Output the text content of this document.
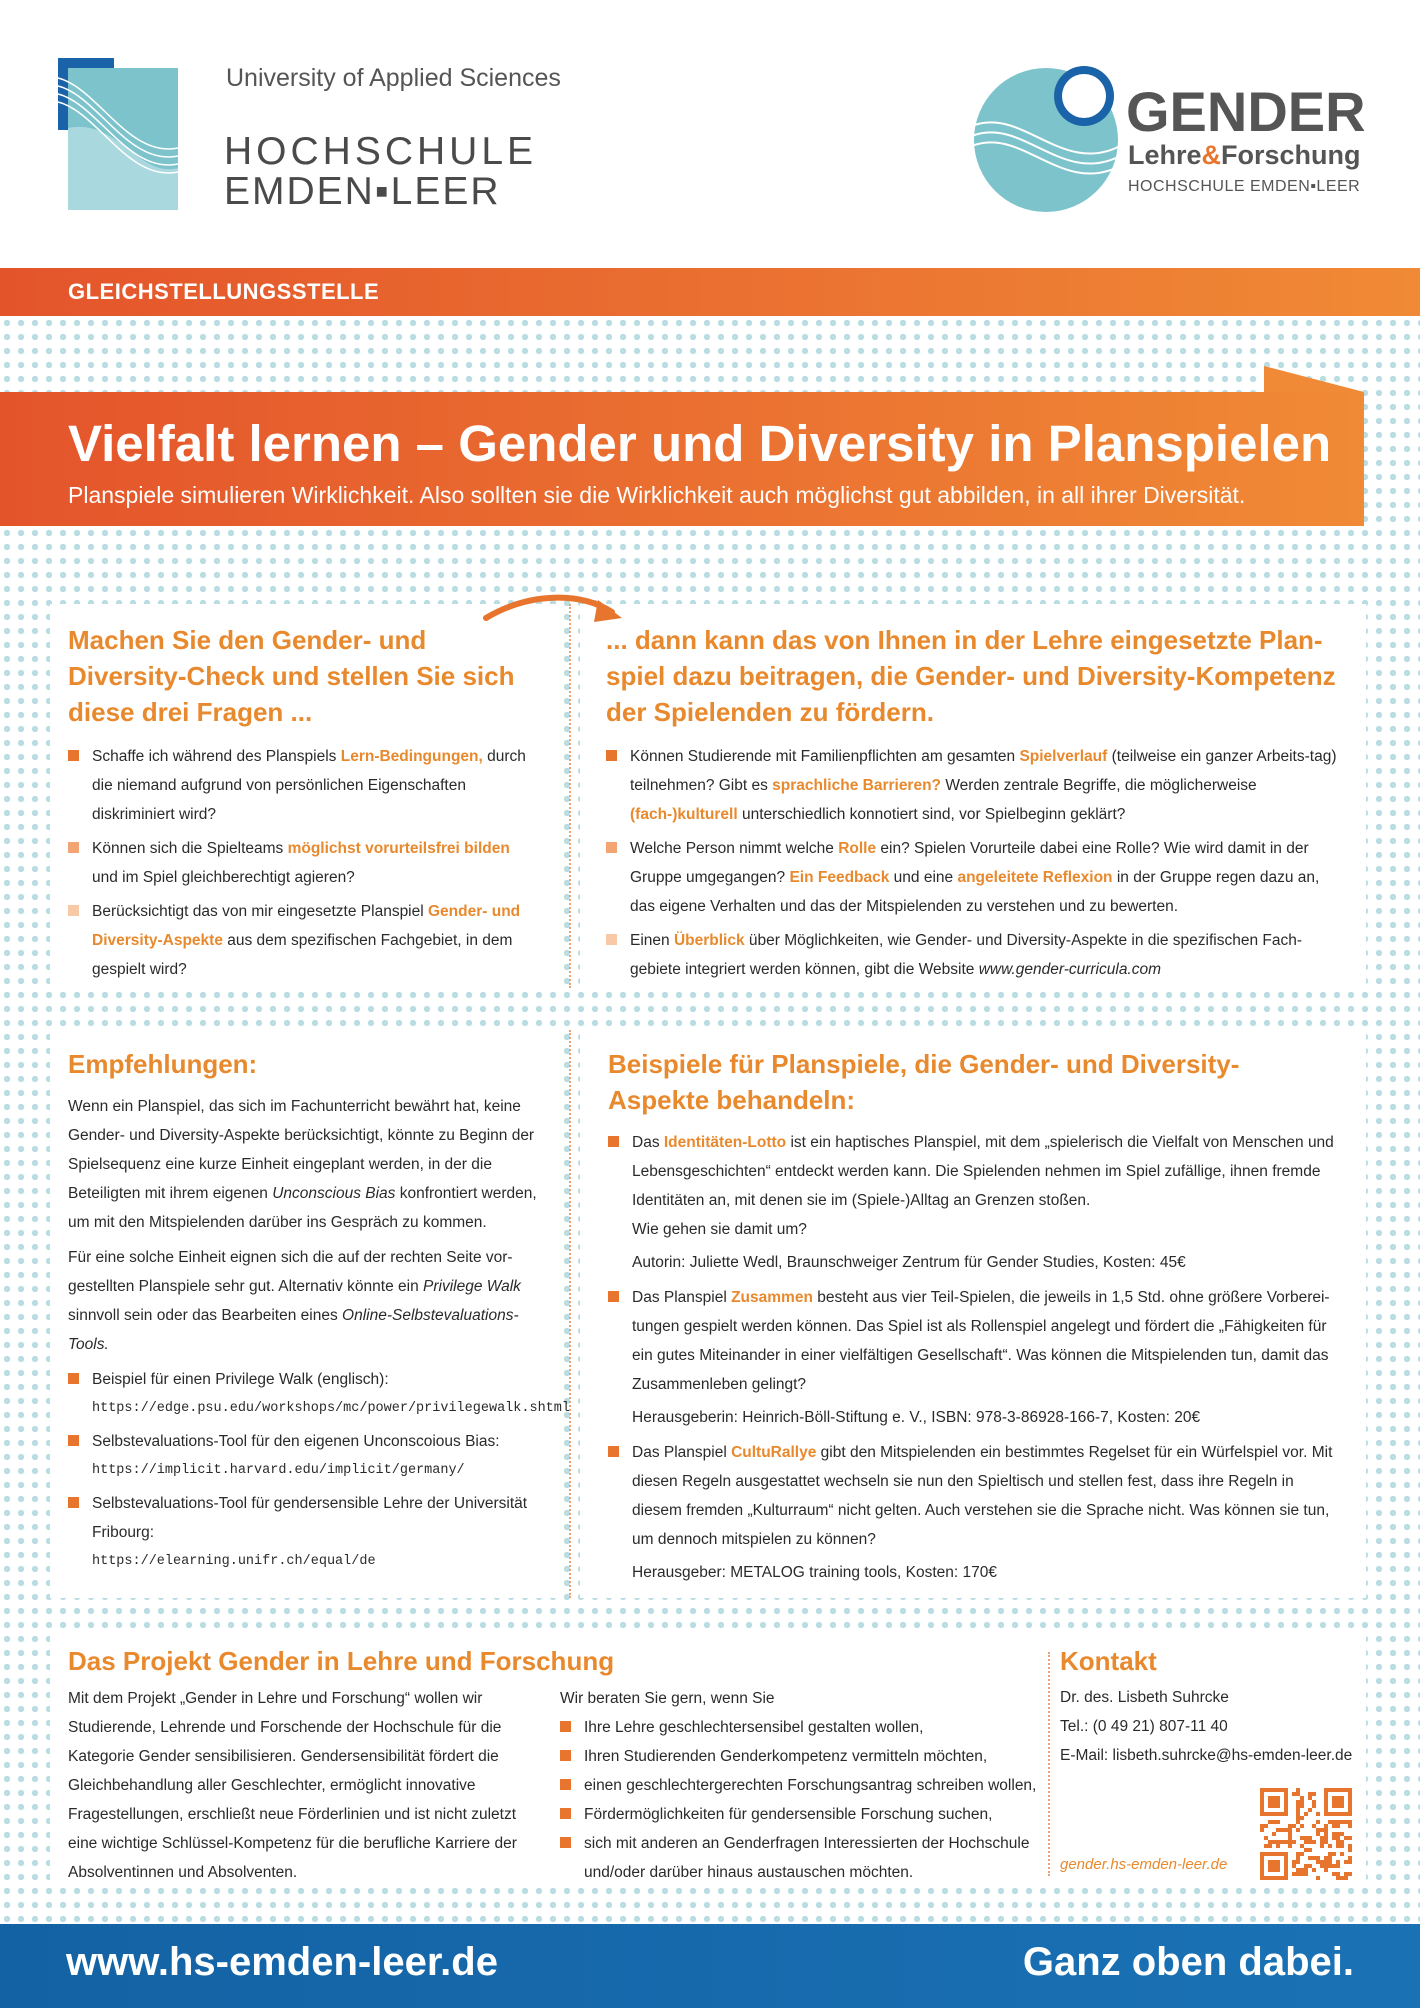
University of Applied Sciences
HOCHSCHULE
EMDEN▪LEER
GENDER
Lehre&Forschung
HOCHSCHULE EMDEN▪LEER
GLEICHSTELLUNGSSTELLE
Vielfalt lernen – Gender und Diversity in Planspielen
Planspiele simulieren Wirklichkeit. Also sollten sie die Wirklichkeit auch möglichst gut abbilden, in all ihrer Diversität.
Machen Sie den Gender- und Diversity-Check und stellen Sie sich diese drei Fragen ...
Schaffe ich während des Planspiels Lern-Bedingungen, durch die niemand aufgrund von persönlichen Eigenschaften diskriminiert wird?
Können sich die Spielteams möglichst vorurteilsfrei bilden und im Spiel gleichberechtigt agieren?
Berücksichtigt das von mir eingesetzte Planspiel Gender- und Diversity-Aspekte aus dem spezifischen Fachgebiet, in dem gespielt wird?
... dann kann das von Ihnen in der Lehre eingesetzte Plan-spiel dazu beitragen, die Gender- und Diversity-Kompetenz der Spielenden zu fördern.
Können Studierende mit Familienpflichten am gesamten Spielverlauf (teilweise ein ganzer Arbeits-tag) teilnehmen? Gibt es sprachliche Barrieren? Werden zentrale Begriffe, die möglicherweise (fach-)kulturell unterschiedlich konnotiert sind, vor Spielbeginn geklärt?
Welche Person nimmt welche Rolle ein? Spielen Vorurteile dabei eine Rolle? Wie wird damit in der Gruppe umgegangen? Ein Feedback und eine angeleitete Reflexion in der Gruppe regen dazu an, das eigene Verhalten und das der Mitspielenden zu verstehen und zu bewerten.
Einen Überblick über Möglichkeiten, wie Gender- und Diversity-Aspekte in die spezifischen Fach-gebiete integriert werden können, gibt die Website www.gender-curricula.com
Empfehlungen:

Wenn ein Planspiel, das sich im Fachunterricht bewährt hat, keine Gender- und Diversity-Aspekte berücksichtigt, könnte zu Beginn der Spielsequenz eine kurze Einheit eingeplant werden, in der die Beteiligten mit ihrem eigenen Unconscious Bias konfrontiert werden, um mit den Mitspielenden darüber ins Gespräch zu kommen.

Für eine solche Einheit eignen sich die auf der rechten Seite vor-gestellten Planspiele sehr gut. Alternativ könnte ein Privilege Walk sinnvoll sein oder das Bearbeiten eines Online-Selbstevaluations-Tools.

Beispiel für einen Privilege Walk (englisch):
https://edge.psu.edu/workshops/mc/power/privilegewalk.shtml
Selbstevaluations-Tool für den eigenen Unconscoious Bias:
https://implicit.harvard.edu/implicit/germany/
Selbstevaluations-Tool für gendersensible Lehre der Universität Fribourg:
https://elearning.unifr.ch/equal/de
Beispiele für Planspiele, die Gender- und Diversity-Aspekte behandeln:
Das Identitäten-Lotto ist ein haptisches Planspiel, mit dem „spielerisch die Vielfalt von Menschen und Lebensgeschichten“ entdeckt werden kann. Die Spielenden nehmen im Spiel zufällige, ihnen fremde Identitäten an, mit denen sie im (Spiele-)Alltag an Grenzen stoßen.
Wie gehen sie damit um?
Autorin: Juliette Wedl, Braunschweiger Zentrum für Gender Studies, Kosten: 45€
Das Planspiel Zusammen besteht aus vier Teil-Spielen, die jeweils in 1,5 Std. ohne größere Vorberei-tungen gespielt werden können. Das Spiel ist als Rollenspiel angelegt und fördert die „Fähigkeiten für ein gutes Miteinander in einer vielfältigen Gesellschaft“. Was können die Mitspielenden tun, damit das Zusammenleben gelingt?
Herausgeberin: Heinrich-Böll-Stiftung e. V., ISBN: 978-3-86928-166-7, Kosten: 20€
Das Planspiel CultuRallye gibt den Mitspielenden ein bestimmtes Regelset für ein Würfelspiel vor. Mit diesen Regeln ausgestattet wechseln sie nun den Spieltisch und stellen fest, dass ihre Regeln in diesem fremden „Kulturraum“ nicht gelten. Auch verstehen sie die Sprache nicht. Was können sie tun, um dennoch mitspielen zu können?
Herausgeber: METALOG training tools, Kosten: 170€
Das Projekt Gender in Lehre und Forschung

Mit dem Projekt „Gender in Lehre und Forschung“ wollen wir Studierende, Lehrende und Forschende der Hochschule für die Kategorie Gender sensibilisieren. Gendersensibilität fördert die Gleichbehandlung aller Geschlechter, ermöglicht innovative Fragestellungen, erschließt neue Förderlinien und ist nicht zuletzt eine wichtige Schlüssel-Kompetenz für die berufliche Karriere der Absolventinnen und Absolventen.

Wir beraten Sie gern, wenn Sie
Ihre Lehre geschlechtersensibel gestalten wollen,
Ihren Studierenden Genderkompetenz vermitteln möchten,
einen geschlechtergerechten Forschungsantrag schreiben wollen,
Fördermöglichkeiten für gendersensible Forschung suchen,
sich mit anderen an Genderfragen Interessierten der Hochschule und/oder darüber hinaus austauschen möchten.
Kontakt
Dr. des. Lisbeth Suhrcke
Tel.: (0 49 21) 807-11 40
E-Mail: lisbeth.suhrcke@hs-emden-leer.de
gender.hs-emden-leer.de
www.hs-emden-leer.de	Ganz oben dabei.
